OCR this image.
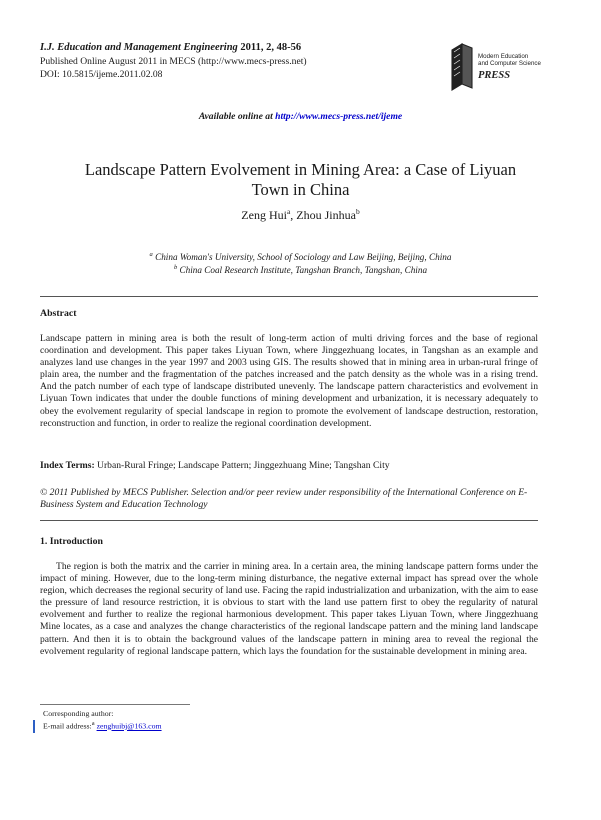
I.J. Education and Management Engineering 2011, 2, 48-56
Published Online August 2011 in MECS (http://www.mecs-press.net)
DOI: 10.5815/ijeme.2011.02.08
Modern Education
and Computer Science
PRESS
Available online at http://www.mecs-press.net/ijeme
Landscape Pattern Evolvement in Mining Area: a Case of Liyuan
Town in China
Zeng Hui$^a$, Zhou Jinhua$^b$
$^a$ China Woman's University, School of Sociology and Law Beijing, Beijing, China
$^b$ China Coal Research Institute, Tangshan Branch, Tangshan, China
Abstract
Landscape pattern in mining area is both the result of long-term action of multi driving forces and the base of regional coordination and development. This paper takes Liyuan Town, where Jinggezhuang locates, in Tangshan as an example and analyzes land use changes in the year 1997 and 2003 using GIS. The results showed that in mining area in urban-rural fringe of plain area, the number and the fragmentation of the patches increased and the patch density as the whole was in a rising trend. And the patch number of each type of landscape distributed unevenly. The landscape pattern characteristics and evolvement in Liyuan Town indicates that under the double functions of mining development and urbanization, it is necessary adequately to obey the evolvement regularity of special landscape in region to promote the evolvement of landscape destruction, restoration, reconstruction and function, in order to realize the regional coordination development.
Index Terms: Urban-Rural Fringe; Landscape Pattern; Jinggezhuang Mine; Tangshan City
© 2011 Published by MECS Publisher. Selection and/or peer review under responsibility of the International Conference on E-Business System and Education Technology
1. Introduction
The region is both the matrix and the carrier in mining area. In a certain area, the mining landscape pattern forms under the impact of mining. However, due to the long-term mining disturbance, the negative external impact has spread over the whole region, which decreases the regional security of land use. Facing the rapid industrialization and urbanization, with the aim to ease the pressure of land resource restriction, it is obvious to start with the land use pattern first to obey the regularity of natural evolvement and further to realize the regional harmonious development. This paper takes Liyuan Town, where Jinggezhuang Mine locates, as a case and analyzes the change characteristics of the regional landscape pattern and the mining land landscape pattern. And then it is to obtain the background values of the landscape pattern in mining area to reveal the regional the evolvement regularity of regional landscape pattern, which lays the foundation for the sustainable development in mining area.
Corresponding author:
E-mail address:$^a$ zenghuibj@163.com
